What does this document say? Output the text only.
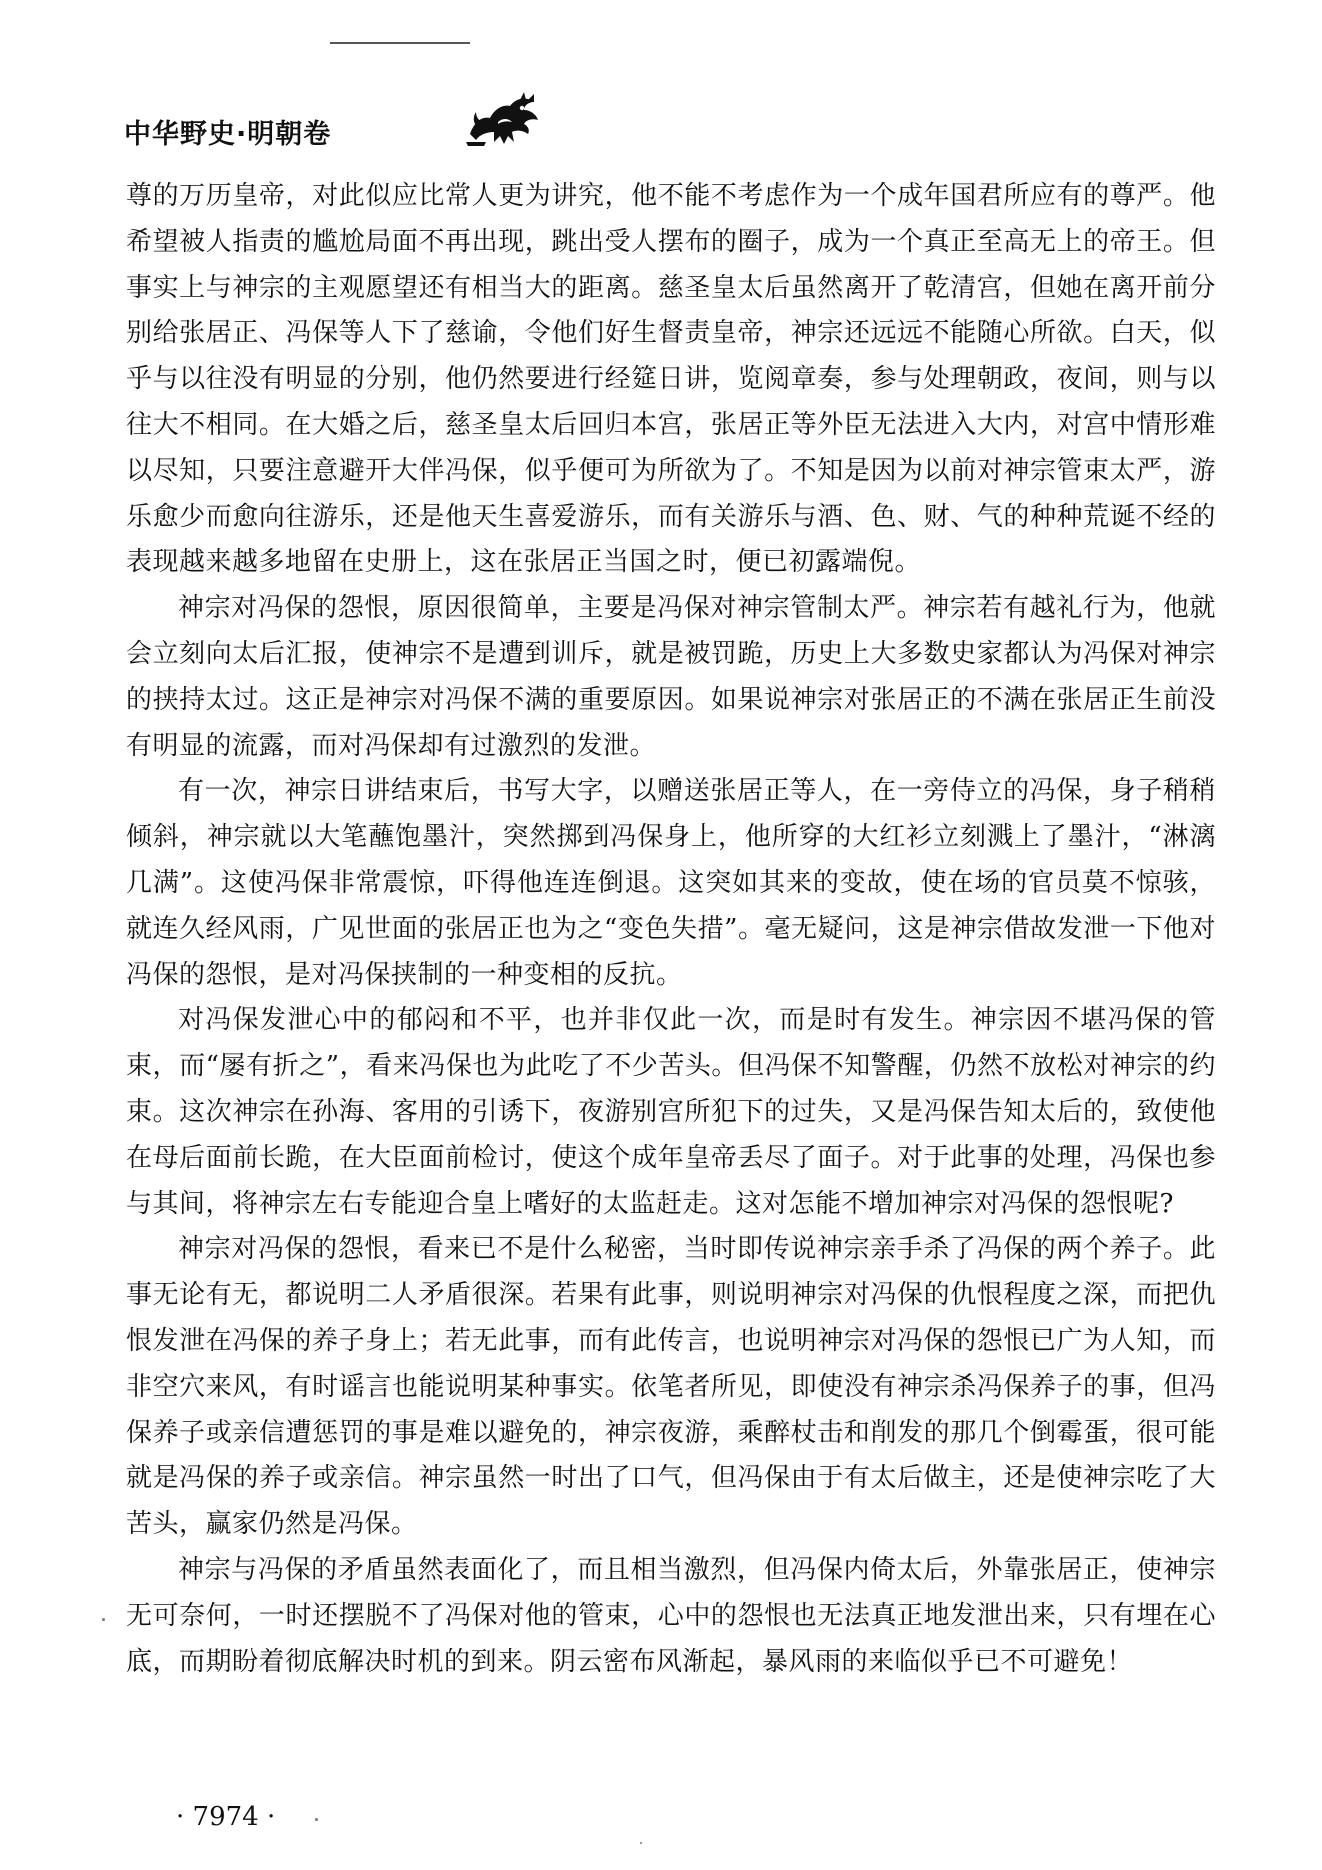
中华野史·明朝卷

尊的万历皇帝，对此似应比常人更为讲究，他不能不考虑作为一个成年国君所应有的尊严。他希望被人指责的尴尬局面不再出现，跳出受人摆布的圈子，成为一个真正至高无上的帝王。但事实上与神宗的主观愿望还有相当大的距离。慈圣皇太后虽然离开了乾清宫，但她在离开前分别给张居正、冯保等人下了慈谕，令他们好生督责皇帝，神宗还远远不能随心所欲。白天，似乎与以往没有明显的分别，他仍然要进行经筵日讲，览阅章奏，参与处理朝政，夜间，则与以往大不相同。在大婚之后，慈圣皇太后回归本宫，张居正等外臣无法进入大内，对宫中情形难以尽知，只要注意避开大伴冯保，似乎便可为所欲为了。不知是因为以前对神宗管束太严，游乐愈少而愈向往游乐，还是他天生喜爱游乐，而有关游乐与酒、色、财、气的种种荒诞不经的表现越来越多地留在史册上，这在张居正当国之时，便已初露端倪。

神宗对冯保的怨恨，原因很简单，主要是冯保对神宗管制太严。神宗若有越礼行为，他就会立刻向太后汇报，使神宗不是遭到训斥，就是被罚跪，历史上大多数史家都认为冯保对神宗的挟持太过。这正是神宗对冯保不满的重要原因。如果说神宗对张居正的不满在张居正生前没有明显的流露，而对冯保却有过激烈的发泄。

有一次，神宗日讲结束后，书写大字，以赠送张居正等人，在一旁侍立的冯保，身子稍稍倾斜，神宗就以大笔蘸饱墨汁，突然掷到冯保身上，他所穿的大红衫立刻溅上了墨汁，“淋漓几满”。这使冯保非常震惊，吓得他连连倒退。这突如其来的变故，使在场的官员莫不惊骇，就连久经风雨，广见世面的张居正也为之“变色失措”。毫无疑问，这是神宗借故发泄一下他对冯保的怨恨，是对冯保挟制的一种变相的反抗。

对冯保发泄心中的郁闷和不平，也并非仅此一次，而是时有发生。神宗因不堪冯保的管束，而“屡有折之”，看来冯保也为此吃了不少苦头。但冯保不知警醒，仍然不放松对神宗的约束。这次神宗在孙海、客用的引诱下，夜游别宫所犯下的过失，又是冯保告知太后的，致使他在母后面前长跪，在大臣面前检讨，使这个成年皇帝丢尽了面子。对于此事的处理，冯保也参与其间，将神宗左右专能迎合皇上嗜好的太监赶走。这对怎能不增加神宗对冯保的怨恨呢?

神宗对冯保的怨恨，看来已不是什么秘密，当时即传说神宗亲手杀了冯保的两个养子。此事无论有无，都说明二人矛盾很深。若果有此事，则说明神宗对冯保的仇恨程度之深，而把仇恨发泄在冯保的养子身上；若无此事，而有此传言，也说明神宗对冯保的怨恨已广为人知，而非空穴来风，有时谣言也能说明某种事实。依笔者所见，即使没有神宗杀冯保养子的事，但冯保养子或亲信遭惩罚的事是难以避免的，神宗夜游，乘醉杖击和削发的那几个倒霉蛋，很可能就是冯保的养子或亲信。神宗虽然一时出了口气，但冯保由于有太后做主，还是使神宗吃了大苦头，赢家仍然是冯保。

神宗与冯保的矛盾虽然表面化了，而且相当激烈，但冯保内倚太后，外靠张居正，使神宗无可奈何，一时还摆脱不了冯保对他的管束，心中的怨恨也无法真正地发泄出来，只有埋在心底，而期盼着彻底解决时机的到来。阴云密布风渐起，暴风雨的来临似乎已不可避免！

· 7974 ·
